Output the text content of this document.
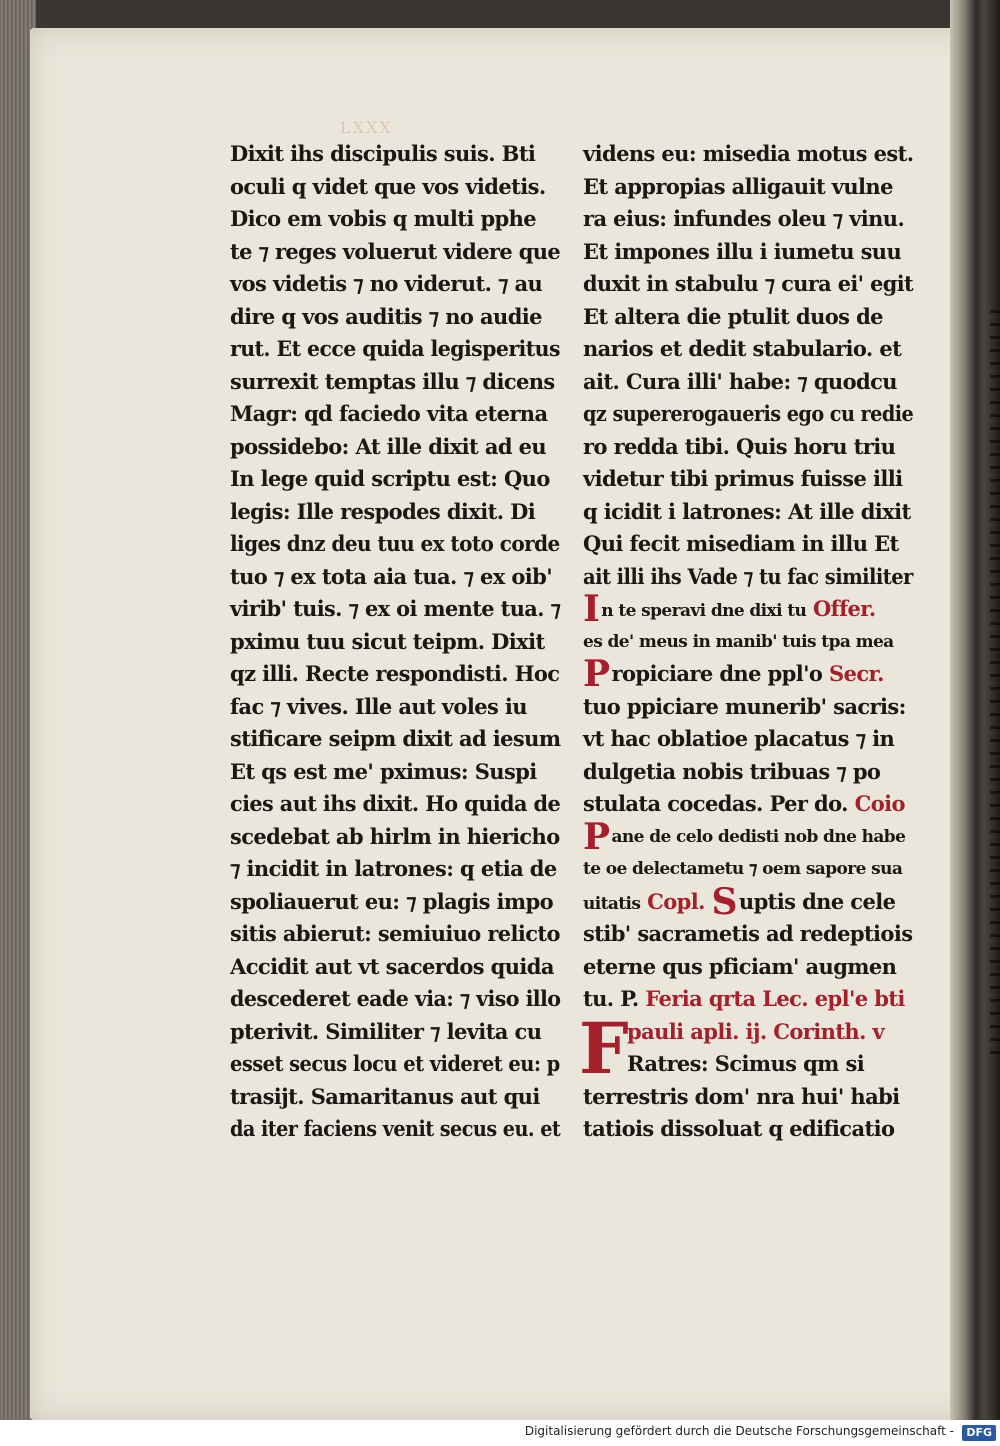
LXXX
Dixit ihs discipulis suis. Bti
oculi q videt que vos videtis.
Dico em vobis q multi pphe
te ⁊ reges voluerut videre que
vos videtis ⁊ no viderut. ⁊ au
dire q vos auditis ⁊ no audie
rut. Et ecce quida legisperitus
surrexit temptas illu ⁊ dicens
Magr: qd faciedo vita eterna
possidebo: At ille dixit ad eu
In lege quid scriptu est: Quo
legis: Ille respodes dixit. Di
liges dnz deu tuu ex toto corde
tuo ⁊ ex tota aia tua. ⁊ ex oib'
virib' tuis. ⁊ ex oi mente tua. ⁊
pximu tuu sicut teipm. Dixit
qz illi. Recte respondisti. Hoc
fac ⁊ vives. Ille aut voles iu
stificare seipm dixit ad iesum
Et qs est me' pximus: Suspi
cies aut ihs dixit. Ho quida de
scedebat ab hirlm in hiericho
⁊ incidit in latrones: q etia de
spoliauerut eu: ⁊ plagis impo
sitis abierut: semiuiuo relicto
Accidit aut vt sacerdos quida
descederet eade via: ⁊ viso illo
pterivit. Similiter ⁊ levita cu
esset secus locu et videret eu: p
trasijt. Samaritanus aut qui
da iter faciens venit secus eu. et
videns eu: misedia motus est.
Et appropias alligauit vulne
ra eius: infundes oleu ⁊ vinu.
Et impones illu i iumetu suu
duxit in stabulu ⁊ cura ei' egit
Et altera die ptulit duos de
narios et dedit stabulario. et
ait. Cura illi' habe: ⁊ quodcu
qz supererogaueris ego cu redie
ro redda tibi. Quis horu triu
videtur tibi primus fuisse illi
q icidit i latrones: At ille dixit
Qui fecit misediam in illu Et
ait illi ihs Vade ⁊ tu fac similiter
In te speravi dne dixi tu Offer.
es de' meus in manib' tuis tpa mea
Propiciare dne ppl'o Secr.
tuo ppiciare munerib' sacris:
vt hac oblatioe placatus ⁊ in
dulgetia nobis tribuas ⁊ po
stulata cocedas. Per do. Coio
Pane de celo dedisti nob dne habe
te oe delectametu ⁊ oem sapore sua
uitatis Copl. Suptis dne cele
stib' sacrametis ad redeptiois
eterne qus pficiam' augmen
tu. P. Feria qrta Lec. epl'e bti
F
pauli apli. ij. Corinth. v
Ratres: Scimus qm si
terrestris dom' nra hui' habi
tatiois dissoluat q edificatio
Digitalisierung gefördert durch die Deutsche Forschungsgemeinschaft -	DFG
